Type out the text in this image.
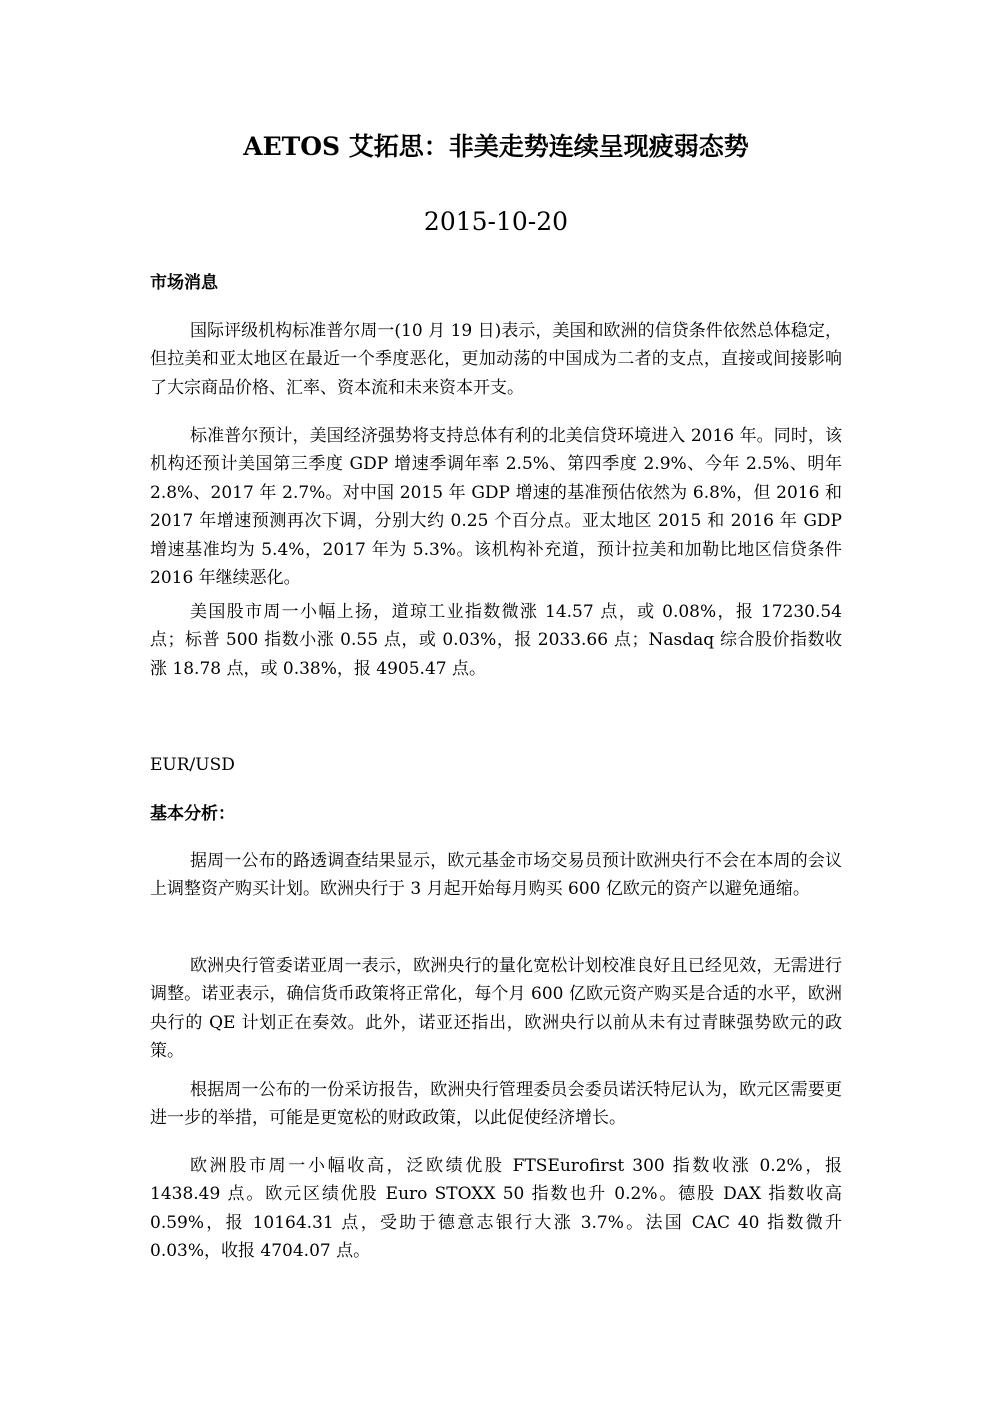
AETOS 艾拓思：非美走势连续呈现疲弱态势
2015-10-20
市场消息

国际评级机构标准普尔周一(10 月 19 日)表示，美国和欧洲的信贷条件依然总体稳定，但拉美和亚太地区在最近一个季度恶化，更加动荡的中国成为二者的支点，直接或间接影响了大宗商品价格、汇率、资本流和未来资本开支。

标准普尔预计，美国经济强势将支持总体有利的北美信贷环境进入 2016 年。同时，该机构还预计美国第三季度 GDP 增速季调年率 2.5%、第四季度 2.9%、今年 2.5%、明年 2.8%、2017 年 2.7%。对中国 2015 年 GDP 增速的基准预估依然为 6.8%，但 2016 和 2017 年增速预测再次下调，分别大约 0.25 个百分点。亚太地区 2015 和 2016 年 GDP 增速基准均为 5.4%，2017 年为 5.3%。该机构补充道，预计拉美和加勒比地区信贷条件 2016 年继续恶化。

美国股市周一小幅上扬，道琼工业指数微涨 14.57 点，或 0.08%，报 17230.54 点；标普 500 指数小涨 0.55 点，或 0.03%，报 2033.66 点；Nasdaq 综合股价指数收涨 18.78 点，或 0.38%，报 4905.47 点。

EUR/USD
基本分析：

据周一公布的路透调查结果显示，欧元基金市场交易员预计欧洲央行不会在本周的会议上调整资产购买计划。欧洲央行于 3 月起开始每月购买 600 亿欧元的资产以避免通缩。

欧洲央行管委诺亚周一表示，欧洲央行的量化宽松计划校准良好且已经见效，无需进行调整。诺亚表示，确信货币政策将正常化，每个月 600 亿欧元资产购买是合适的水平，欧洲央行的 QE 计划正在奏效。此外，诺亚还指出，欧洲央行以前从未有过青睐强势欧元的政策。

根据周一公布的一份采访报告，欧洲央行管理委员会委员诺沃特尼认为，欧元区需要更进一步的举措，可能是更宽松的财政政策，以此促使经济增长。

欧洲股市周一小幅收高，泛欧绩优股 FTSEurofirst 300 指数收涨 0.2%，报 1438.49 点。欧元区绩优股 Euro STOXX 50 指数也升 0.2%。德股 DAX 指数收高 0.59%，报 10164.31 点，受助于德意志银行大涨 3.7%。法国 CAC 40 指数微升 0.03%，收报 4704.07 点。
